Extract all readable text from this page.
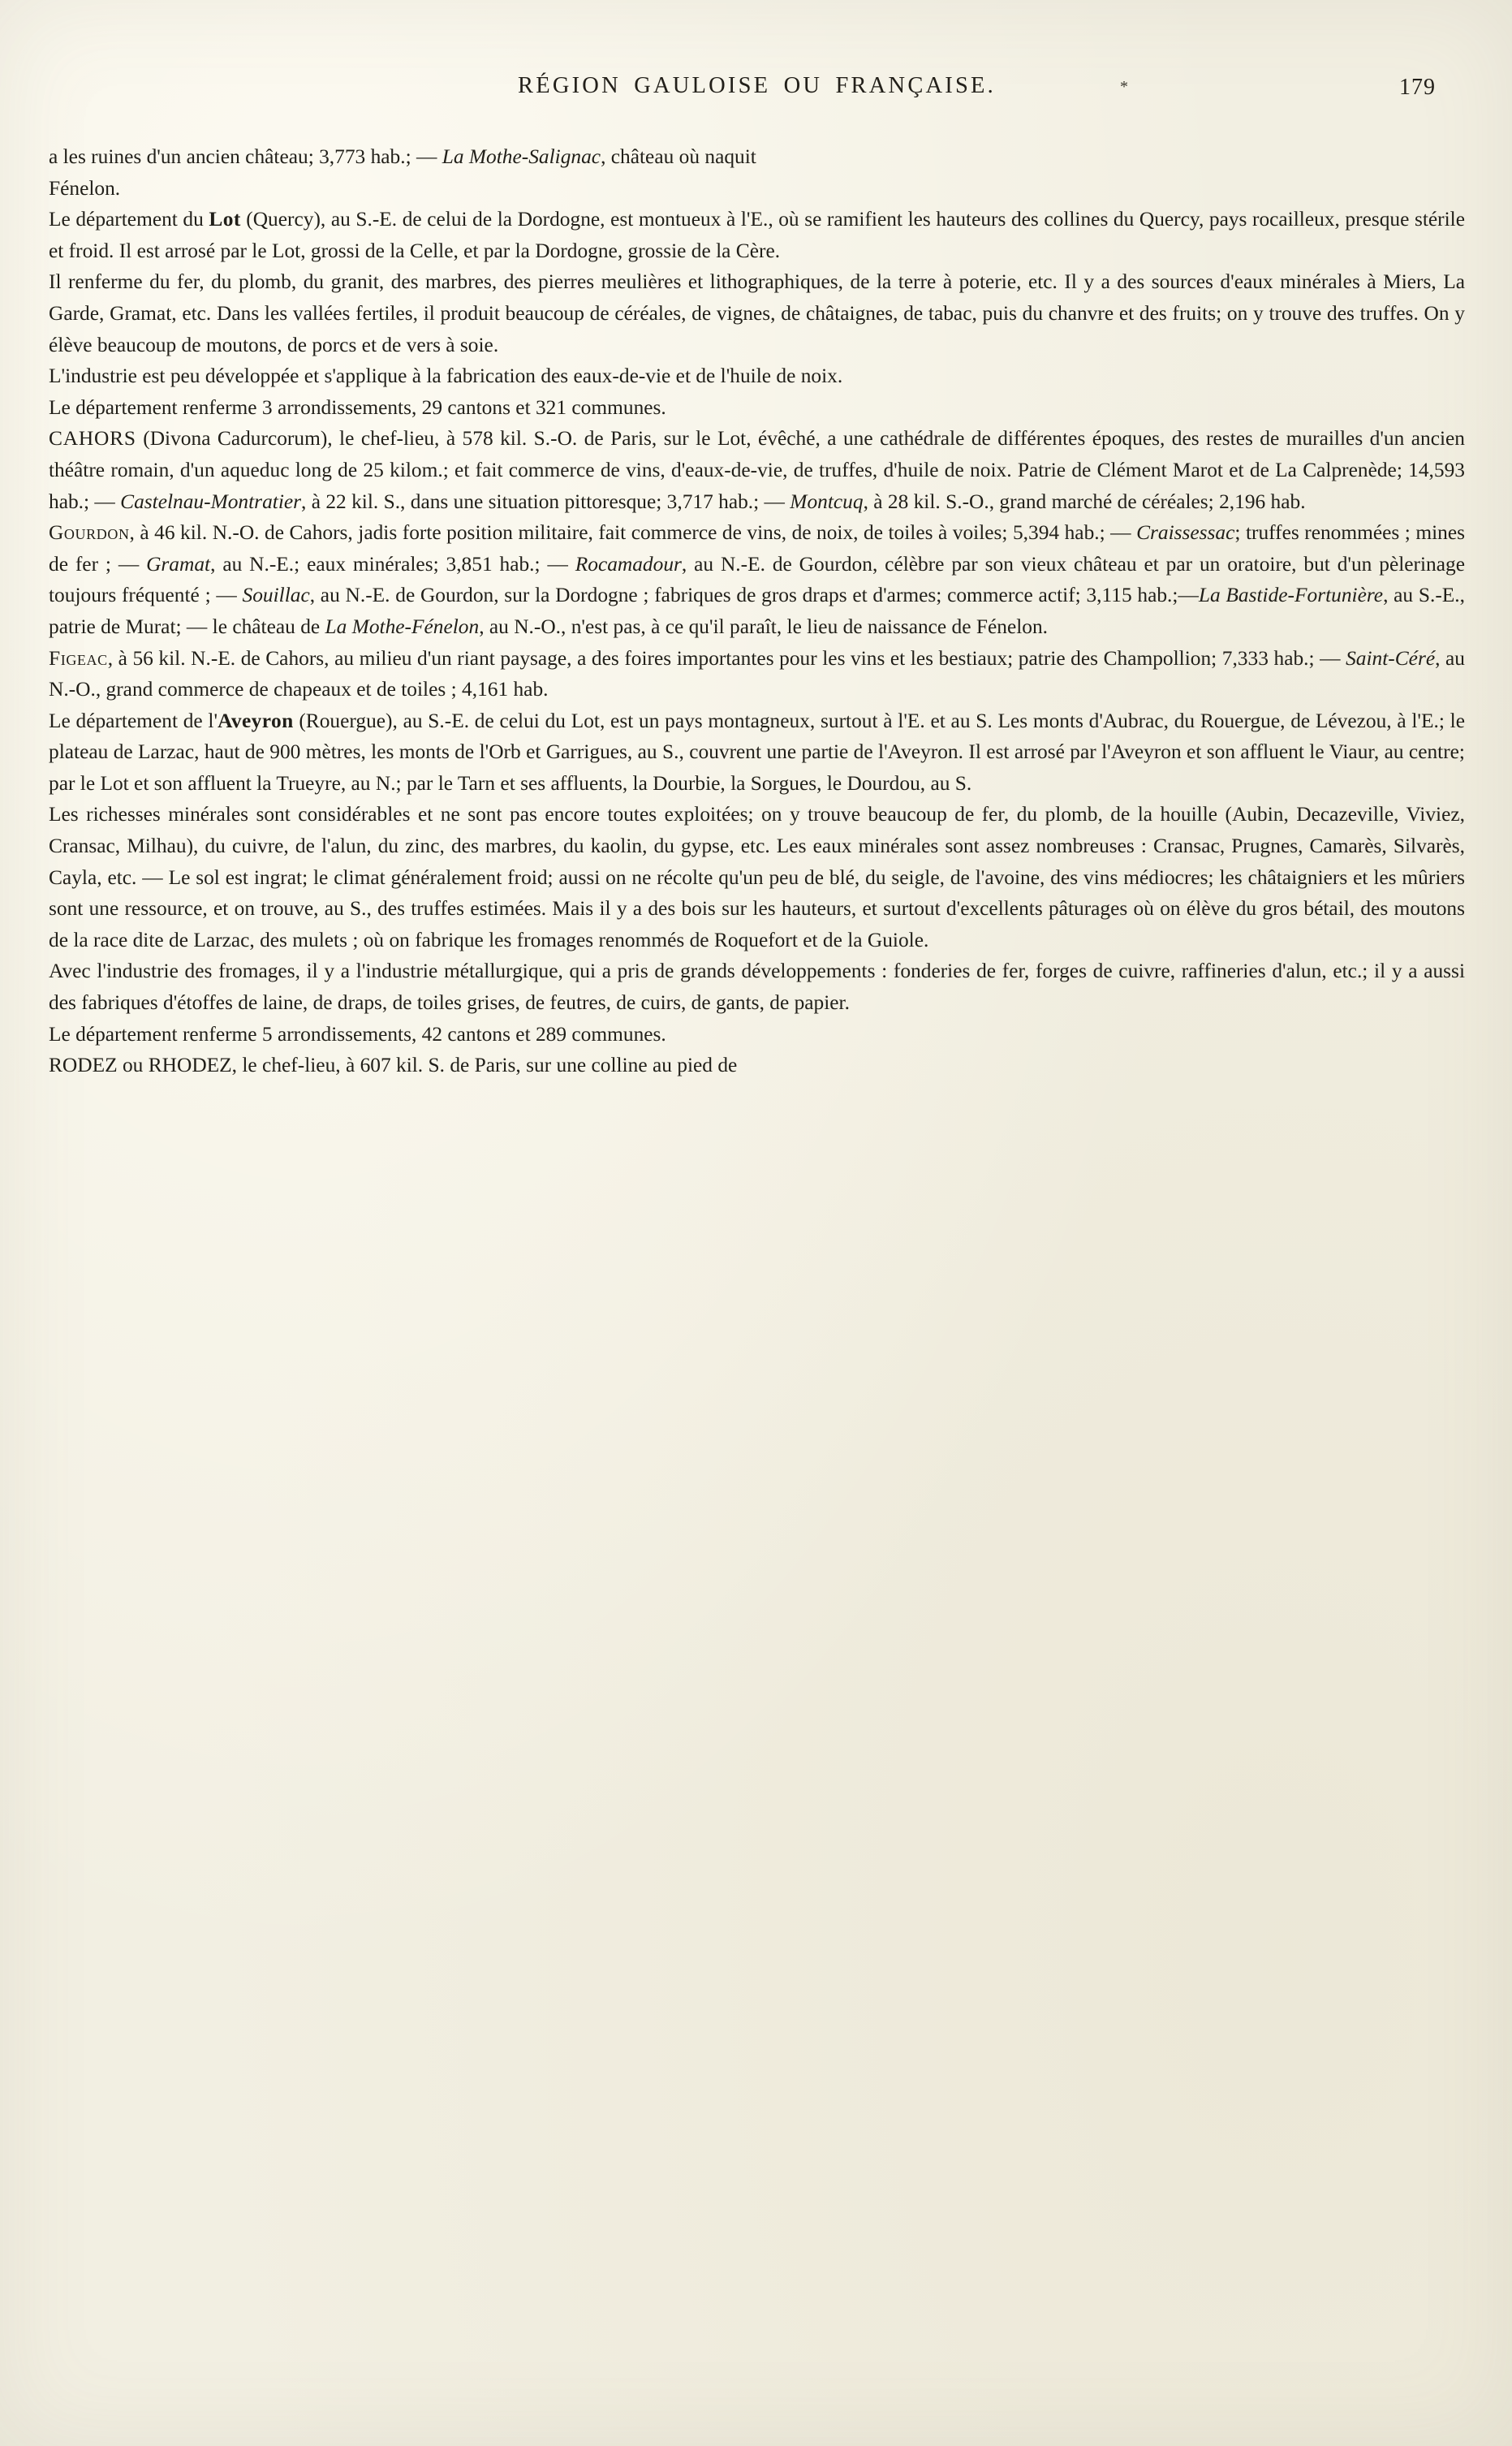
RÉGION GAULOISE OU FRANÇAISE.	*	179

a les ruines d'un ancien château; 3,773 hab.; — La Mothe-Salignac, château où naquit

Fénelon.

Le département du Lot (Quercy), au S.-E. de celui de la Dordogne, est montueux à l'E., où se ramifient les hauteurs des collines du Quercy, pays rocailleux, presque stérile et froid. Il est arrosé par le Lot, grossi de la Celle, et par la Dordogne, grossie de la Cère.

Il renferme du fer, du plomb, du granit, des marbres, des pierres meulières et lithographiques, de la terre à poterie, etc. Il y a des sources d'eaux minérales à Miers, La Garde, Gramat, etc. Dans les vallées fertiles, il produit beaucoup de céréales, de vignes, de châtaignes, de tabac, puis du chanvre et des fruits; on y trouve des truffes. On y élève beaucoup de moutons, de porcs et de vers à soie.

L'industrie est peu développée et s'applique à la fabrication des eaux-de-vie et de l'huile de noix.

Le département renferme 3 arrondissements, 29 cantons et 321 communes.

CAHORS (Divona Cadurcorum), le chef-lieu, à 578 kil. S.-O. de Paris, sur le Lot, évêché, a une cathédrale de différentes époques, des restes de murailles d'un ancien théâtre romain, d'un aqueduc long de 25 kilom.; et fait commerce de vins, d'eaux-de-vie, de truffes, d'huile de noix. Patrie de Clément Marot et de La Calprenède; 14,593 hab.; — Castelnau-Montratier, à 22 kil. S., dans une situation pittoresque; 3,717 hab.; — Montcuq, à 28 kil. S.-O., grand marché de céréales; 2,196 hab.

Gourdon, à 46 kil. N.-O. de Cahors, jadis forte position militaire, fait commerce de vins, de noix, de toiles à voiles; 5,394 hab.; — Craissessac; truffes renommées ; mines de fer ; — Gramat, au N.-E.; eaux minérales; 3,851 hab.; — Rocamadour, au N.-E. de Gourdon, célèbre par son vieux château et par un oratoire, but d'un pèlerinage toujours fréquenté ; — Souillac, au N.-E. de Gourdon, sur la Dordogne ; fabriques de gros draps et d'armes; commerce actif; 3,115 hab.;—La Bastide-Fortunière, au S.-E., patrie de Murat; — le château de La Mothe-Fénelon, au N.-O., n'est pas, à ce qu'il paraît, le lieu de naissance de Fénelon.

Figeac, à 56 kil. N.-E. de Cahors, au milieu d'un riant paysage, a des foires importantes pour les vins et les bestiaux; patrie des Champollion; 7,333 hab.; — Saint-Céré, au N.-O., grand commerce de chapeaux et de toiles ; 4,161 hab.

Le département de l'Aveyron (Rouergue), au S.-E. de celui du Lot, est un pays montagneux, surtout à l'E. et au S. Les monts d'Aubrac, du Rouergue, de Lévezou, à l'E.; le plateau de Larzac, haut de 900 mètres, les monts de l'Orb et Garrigues, au S., couvrent une partie de l'Aveyron. Il est arrosé par l'Aveyron et son affluent le Viaur, au centre; par le Lot et son affluent la Trueyre, au N.; par le Tarn et ses affluents, la Dourbie, la Sorgues, le Dourdou, au S.

Les richesses minérales sont considérables et ne sont pas encore toutes exploitées; on y trouve beaucoup de fer, du plomb, de la houille (Aubin, Decazeville, Viviez, Cransac, Milhau), du cuivre, de l'alun, du zinc, des marbres, du kaolin, du gypse, etc. Les eaux minérales sont assez nombreuses : Cransac, Prugnes, Camarès, Silvarès, Cayla, etc. — Le sol est ingrat; le climat généralement froid; aussi on ne récolte qu'un peu de blé, du seigle, de l'avoine, des vins médiocres; les châtaigniers et les mûriers sont une ressource, et on trouve, au S., des truffes estimées. Mais il y a des bois sur les hauteurs, et surtout d'excellents pâturages où on élève du gros bétail, des moutons de la race dite de Larzac, des mulets ; où on fabrique les fromages renommés de Roquefort et de la Guiole.

Avec l'industrie des fromages, il y a l'industrie métallurgique, qui a pris de grands développements : fonderies de fer, forges de cuivre, raffineries d'alun, etc.; il y a aussi des fabriques d'étoffes de laine, de draps, de toiles grises, de feutres, de cuirs, de gants, de papier.

Le département renferme 5 arrondissements, 42 cantons et 289 communes.

RODEZ ou RHODEZ, le chef-lieu, à 607 kil. S. de Paris, sur une colline au pied de
